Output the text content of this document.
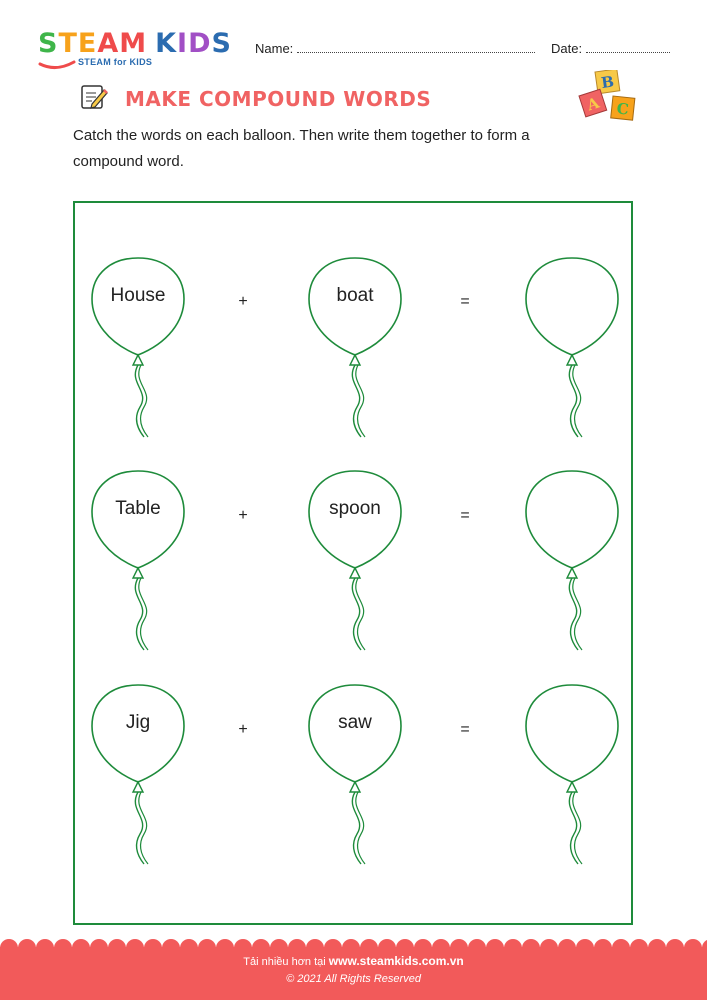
STEAM KIDS
STEAM for KIDS
Name:	Date:
MAKE COMPOUND WORDS
B
A C
Catch the words on each balloon. Then write them together to form a compound word.
House	+	boat	=
Table	+	spoon	=
Jig	+	saw	=
Tải nhiều hơn tại www.steamkids.com.vn
© 2021 All Rights Reserved
